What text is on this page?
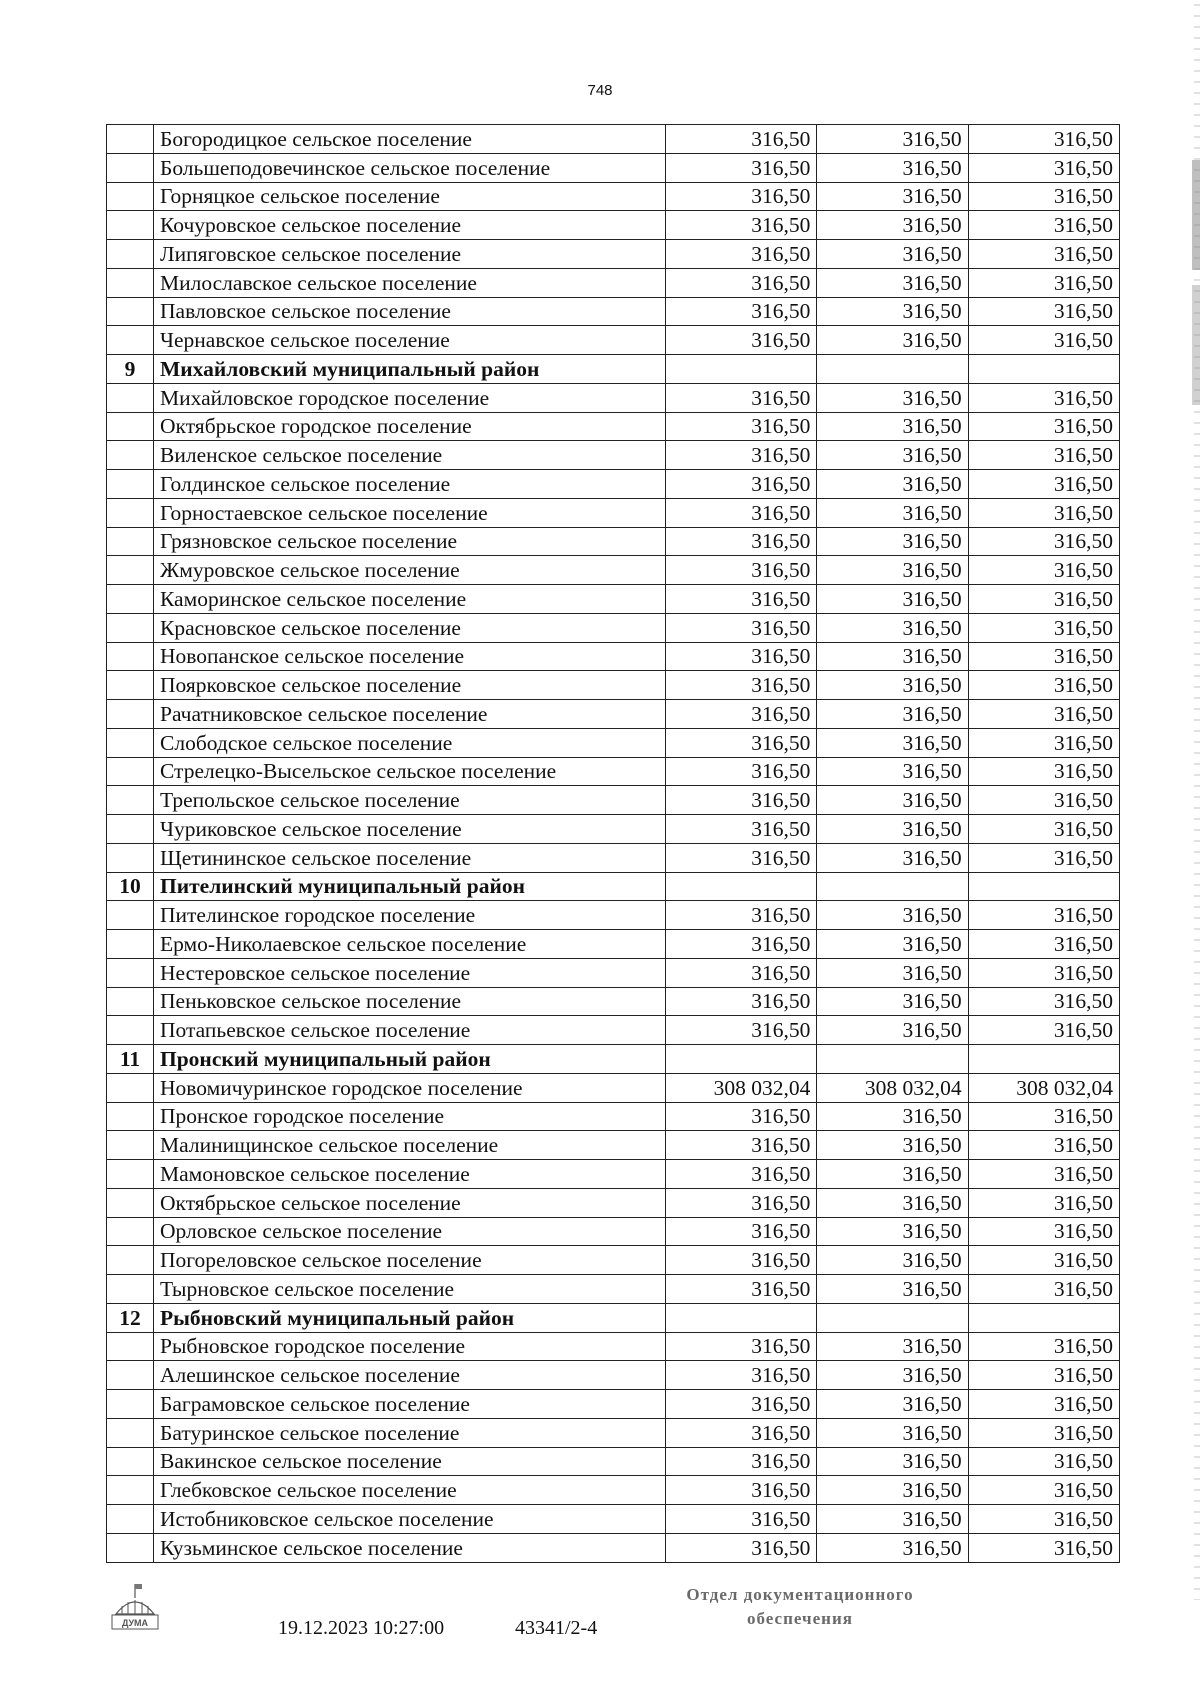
748
	Богородицкое сельское поселение	316,50	316,50	316,50
	Большеподовечинское сельское поселение	316,50	316,50	316,50
	Горняцкое сельское поселение	316,50	316,50	316,50
	Кочуровское сельское поселение	316,50	316,50	316,50
	Липяговское сельское поселение	316,50	316,50	316,50
	Милославское сельское поселение	316,50	316,50	316,50
	Павловское сельское поселение	316,50	316,50	316,50
	Чернавское сельское поселение	316,50	316,50	316,50
9	Михайловский муниципальный район			
	Михайловское городское поселение	316,50	316,50	316,50
	Октябрьское городское поселение	316,50	316,50	316,50
	Виленское сельское поселение	316,50	316,50	316,50
	Голдинское сельское поселение	316,50	316,50	316,50
	Горностаевское сельское поселение	316,50	316,50	316,50
	Грязновское сельское поселение	316,50	316,50	316,50
	Жмуровское сельское поселение	316,50	316,50	316,50
	Каморинское сельское поселение	316,50	316,50	316,50
	Красновское сельское поселение	316,50	316,50	316,50
	Новопанское сельское поселение	316,50	316,50	316,50
	Поярковское сельское поселение	316,50	316,50	316,50
	Рачатниковское сельское поселение	316,50	316,50	316,50
	Слободское сельское поселение	316,50	316,50	316,50
	Стрелецко-Высельское сельское поселение	316,50	316,50	316,50
	Трепольское сельское поселение	316,50	316,50	316,50
	Чуриковское сельское поселение	316,50	316,50	316,50
	Щетининское сельское поселение	316,50	316,50	316,50
10	Пителинский муниципальный район			
	Пителинское городское поселение	316,50	316,50	316,50
	Ермо-Николаевское сельское поселение	316,50	316,50	316,50
	Нестеровское сельское поселение	316,50	316,50	316,50
	Пеньковское сельское поселение	316,50	316,50	316,50
	Потапьевское сельское поселение	316,50	316,50	316,50
11	Пронский муниципальный район			
	Новомичуринское городское поселение	308 032,04	308 032,04	308 032,04
	Пронское городское поселение	316,50	316,50	316,50
	Малинищинское сельское поселение	316,50	316,50	316,50
	Мамоновское сельское поселение	316,50	316,50	316,50
	Октябрьское сельское поселение	316,50	316,50	316,50
	Орловское сельское поселение	316,50	316,50	316,50
	Погореловское сельское поселение	316,50	316,50	316,50
	Тырновское сельское поселение	316,50	316,50	316,50
12	Рыбновский муниципальный район			
	Рыбновское городское поселение	316,50	316,50	316,50
	Алешинское сельское поселение	316,50	316,50	316,50
	Баграмовское сельское поселение	316,50	316,50	316,50
	Батуринское сельское поселение	316,50	316,50	316,50
	Вакинское сельское поселение	316,50	316,50	316,50
	Глебковское сельское поселение	316,50	316,50	316,50
	Истобниковское сельское поселение	316,50	316,50	316,50
	Кузьминское сельское поселение	316,50	316,50	316,50
ДУМА	19.12.2023 10:27:00	43341/2-4
Отдел документационного
обеспечения
